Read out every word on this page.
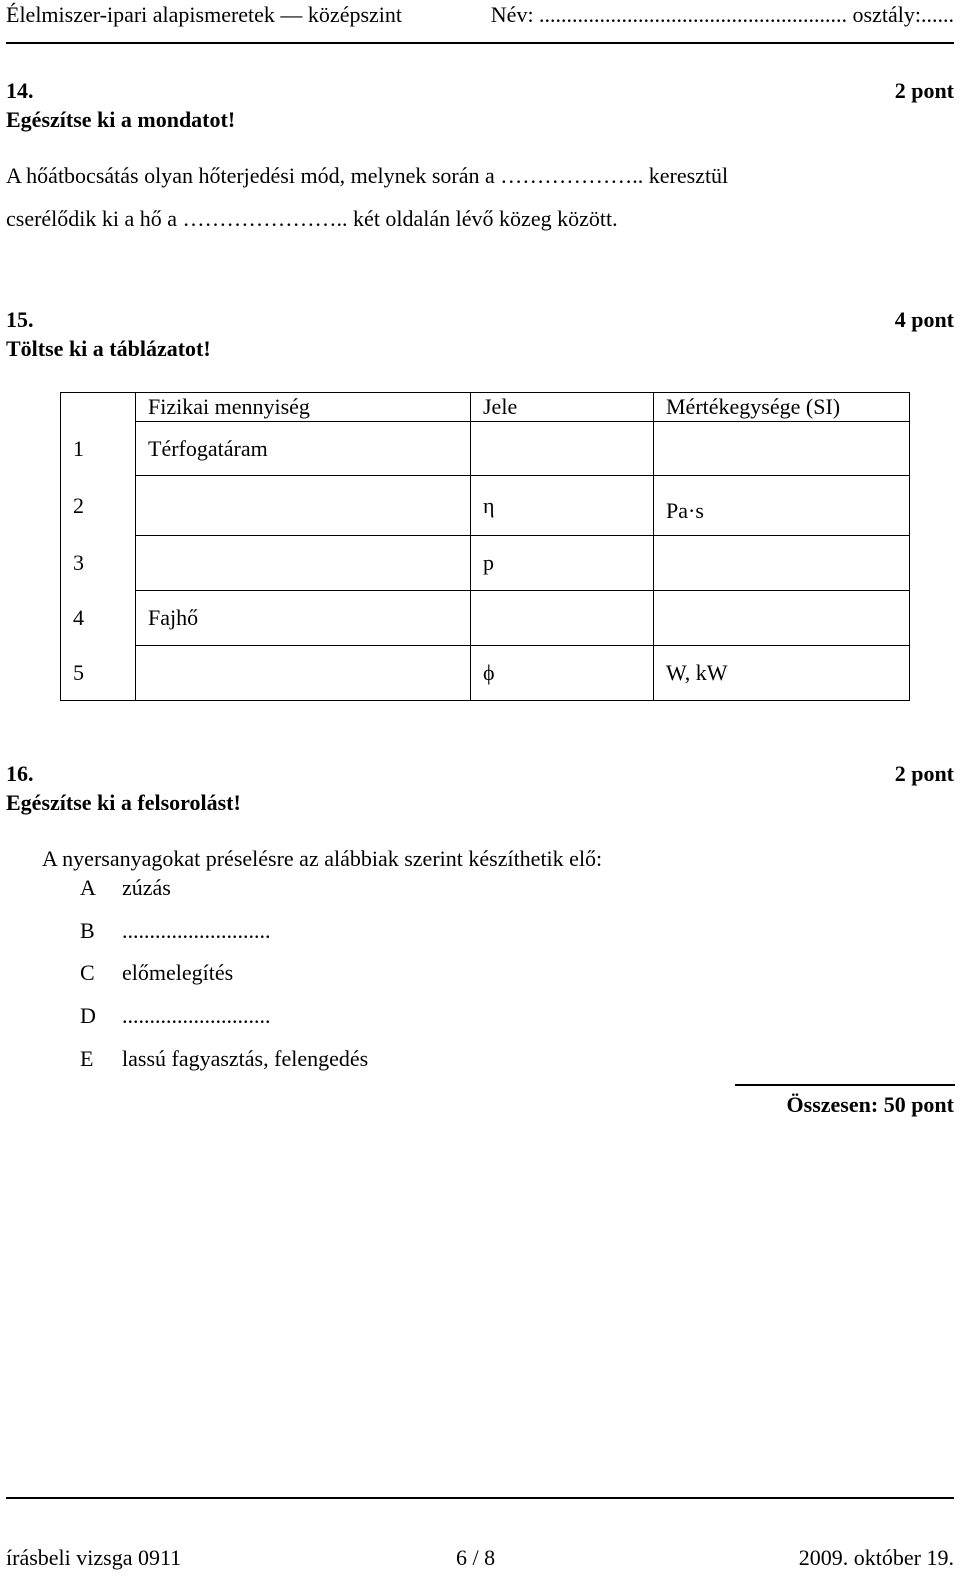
Élelmiszer-ipari alapismeretek — középszint	Név: ........................................................ osztály:......
14.	2 pont
Egészítse ki a mondatot!
A hőátbocsátás olyan hőterjedési mód, melynek során a ……………….. keresztül
cserélődik ki a hő a ………………….. két oldalán lévő közeg között.
15.	4 pont
Töltse ki a táblázatot!
	Fizikai mennyiség	Jele	Mértékegysége (SI)
1	Térfogatáram		
2		η	Pa·s
3		p	
4	Fajhő		
5		ϕ	W, kW
16.	2 pont
Egészítse ki a felsorolást!
A nyersanyagokat préselésre az alábbiak szerint készíthetik elő:
A zúzás
B ...........................
C előmelegítés
D ...........................
E lassú fagyasztás, felengedés
Összesen: 50 pont
írásbeli vizsga 0911	6 / 8	2009. október 19.
